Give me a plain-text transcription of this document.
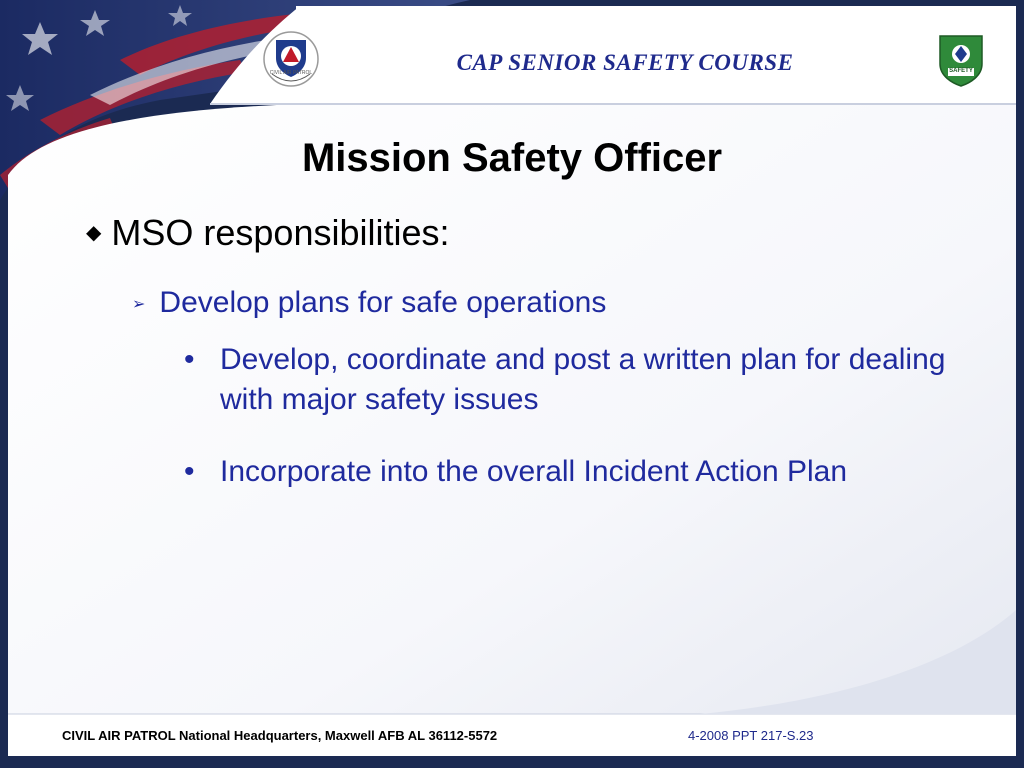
CIVIL AIR PATROL	SAFETY
CAP SENIOR SAFETY COURSE
Mission Safety Officer
◆ MSO responsibilities:
➢ Develop plans for safe operations
• Develop, coordinate and post a written plan for dealing with major safety issues
• Incorporate into the overall Incident Action Plan
CIVIL AIR PATROL National Headquarters, Maxwell AFB AL 36112-5572	4-2008 PPT 217-S.23
